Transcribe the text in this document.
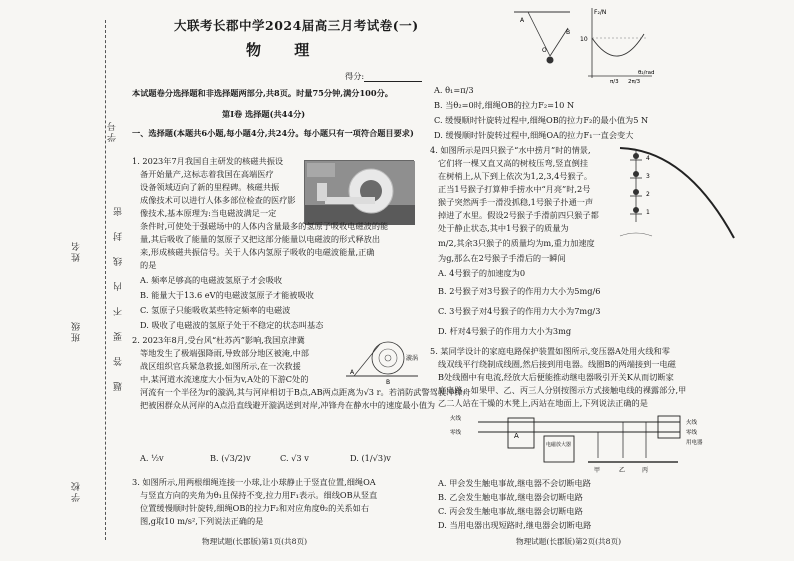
学号
姓名
班级
学校
密
封
线
内
不
要
答
题
大联考长郡中学2024届高三月考试卷(一)
物 理
得分:
本试题卷分选择题和非选择题两部分,共8页。时量75分钟,满分100分。
第Ⅰ卷 选择题(共44分)
一、选择题(本题共6小题,每小题4分,共24分。每小题只有一项符合题目要求)
1. 2023年7月我国自主研发的核磁共振设
备开始量产,这标志着我国在高端医疗
设备领域迈向了新的里程碑。核磁共振
成像技术可以进行人体多部位检查的医疗影
像技术,基本原理为:当电磁波满足一定
条件时,可使处于强磁场中的人体内含量最多的氢原子吸收电磁波的能
量,其后吸收了能量的氢原子又把这部分能量以电磁波的形式释放出
来,形成核磁共振信号。关于人体内氢原子吸收的电磁波能量,正确
的是
A. 频率足够高的电磁波氢原子才会吸收
B. 能量大于13.6 eV的电磁波氢原子才能被吸收
C. 氢原子只能吸收某些特定频率的电磁波
D. 吸收了电磁波的氢原子处于不稳定的状态叫基态
2. 2023年8月,受台风“杜苏芮”影响,我国京津冀
等地发生了极端强降雨,导致部分地区被淹,中部
战区组织官兵紧急救援,如图所示,在一次救援
中,某河道水流速度大小恒为v,A处的下游C处的
A
B
漩涡
河流有一个半径为r的漩涡,其与河岸相切于B点,AB两点距离为√3 r。若消防武警驾驶冲锋舟
把被困群众从河岸的A点沿直线避开漩涡送到对岸,冲锋舟在静水中的速度最小值为
A. ½v	B. (√3/2)v	C. √3 v	D. (1/√3)v
3. 如图所示,用两根细绳连接一小球,让小球静止于竖直位置,细绳OA
与竖直方向的夹角为θ₁且保持不变,拉力用F₁表示。细线OB从竖直
位置缓慢顺时针旋转,细绳OB的拉力F₂和对应角度θ₂的关系如右
图,g取10 m/s²,下列说法正确的是
物理试题(长郡版)第1页(共8页)
A
O
B
F₂/N
10
π/3 2π/3
θ₂/rad
A. θ₁=π/3
B. 当θ₂=0时,细绳OB的拉力F₂=10 N
C. 缓慢顺时针旋转过程中,细绳OB的拉力F₂的最小值为5 N
D. 缓慢顺时针旋转过程中,细绳OA的拉力F₁一直会变大
4. 如图所示是四只猴子“水中捞月”时的情景,
它们将一棵又直又高的树枝压弯,竖直倒挂
在树梢上,从下到上依次为1,2,3,4号猴子。
正当1号猴子打算伸手捞水中“月亮”时,2号
猴子突然两手一滑没抓稳,1号猴子扑通一声
掉进了水里。假设2号猴子手滑前四只猴子都
处于静止状态,其中1号猴子的质量为
m/2,其余3只猴子的质量均为m,重力加速度
为g,那么在2号猴子手滑后的一瞬间
4
3
2
1
A. 4号猴子的加速度为0
B. 2号猴子对3号猴子的作用力大小为5mg/6
C. 3号猴子对4号猴子的作用力大小为7mg/3
D. 杆对4号猴子的作用力大小为3mg
5. 某同学设计的家庭电路保护装置如图所示,变压器A处用火线和零
线双线平行绕制成线圈,然后接到用电器。线圈B的两端接到一电磁
B处线圈中有电流,经放大后便能推动继电器吸引开关K从而切断家
庭电路。如果甲、乙、丙三人分别按图示方式接触电线的裸露部分,甲
乙二人站在干燥的木凳上,丙站在地面上,下列说法正确的是
A
电磁放大器
火线
零线
用电器
火线
零线
甲	乙	丙
A. 甲会发生触电事故,继电器不会切断电路
B. 乙会发生触电事故,继电器会切断电路
C. 丙会发生触电事故,继电器会切断电路
D. 当用电器出现短路时,继电器会切断电路
物理试题(长郡版)第2页(共8页)
